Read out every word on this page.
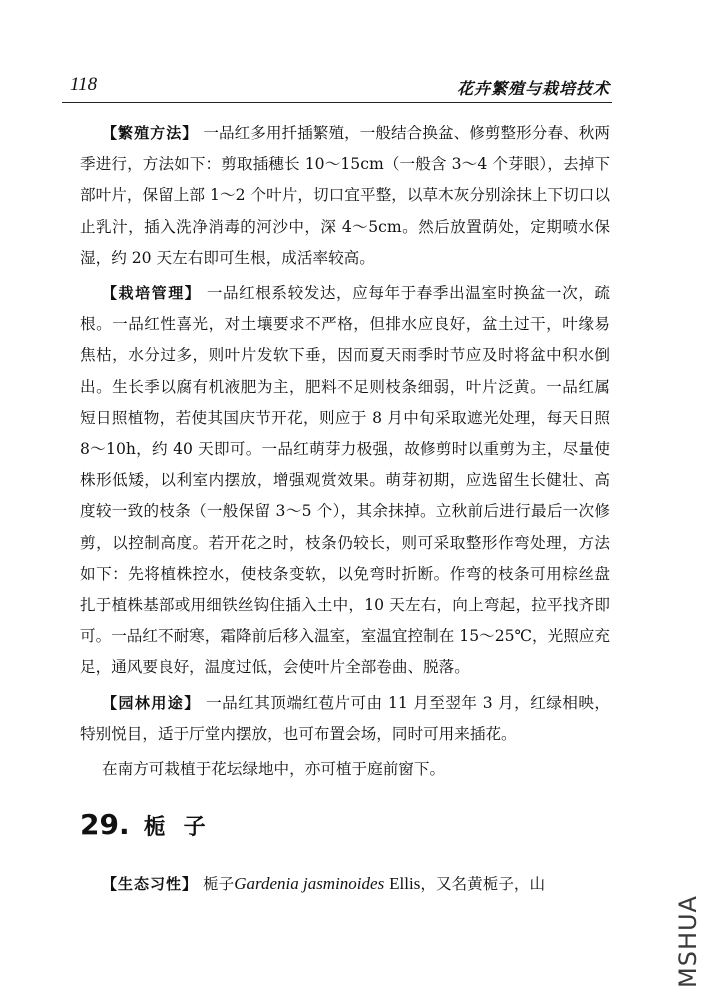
118	花卉繁殖与栽培技术

【繁殖方法】 一品红多用扦插繁殖，一般结合换盆、修剪整形分春、秋两季进行，方法如下：剪取插穗长 10～15cm（一般含 3～4 个芽眼），去掉下部叶片，保留上部 1～2 个叶片，切口宜平整，以草木灰分别涂抹上下切口以止乳汁，插入洗净消毒的河沙中，深 4～5cm。然后放置荫处，定期喷水保湿，约 20 天左右即可生根，成活率较高。

【栽培管理】 一品红根系较发达，应每年于春季出温室时换盆一次，疏根。一品红性喜光，对土壤要求不严格，但排水应良好，盆土过干，叶缘易焦枯，水分过多，则叶片发软下垂，因而夏天雨季时节应及时将盆中积水倒出。生长季以腐有机液肥为主，肥料不足则枝条细弱，叶片泛黄。一品红属短日照植物，若使其国庆节开花，则应于 8 月中旬采取遮光处理，每天日照 8～10h，约 40 天即可。一品红萌芽力极强，故修剪时以重剪为主，尽量使株形低矮，以利室内摆放，增强观赏效果。萌芽初期，应选留生长健壮、高度较一致的枝条（一般保留 3～5 个），其余抹掉。立秋前后进行最后一次修剪，以控制高度。若开花之时，枝条仍较长，则可采取整形作弯处理，方法如下：先将植株控水，使枝条变软，以免弯时折断。作弯的枝条可用棕丝盘扎于植株基部或用细铁丝钩住插入土中，10 天左右，向上弯起，拉平找齐即可。一品红不耐寒，霜降前后移入温室，室温宜控制在 15～25℃，光照应充足，通风要良好，温度过低，会使叶片全部卷曲、脱落。

【园林用途】 一品红其顶端红苞片可由 11 月至翌年 3 月，红绿相映，特别悦目，适于厅堂内摆放，也可布置会场，同时可用来插花。

在南方可栽植于花坛绿地中，亦可植于庭前窗下。

29. 栀子

【生态习性】 栀子Gardenia jasminoides Ellis，又名黄栀子，山

MSHUA
